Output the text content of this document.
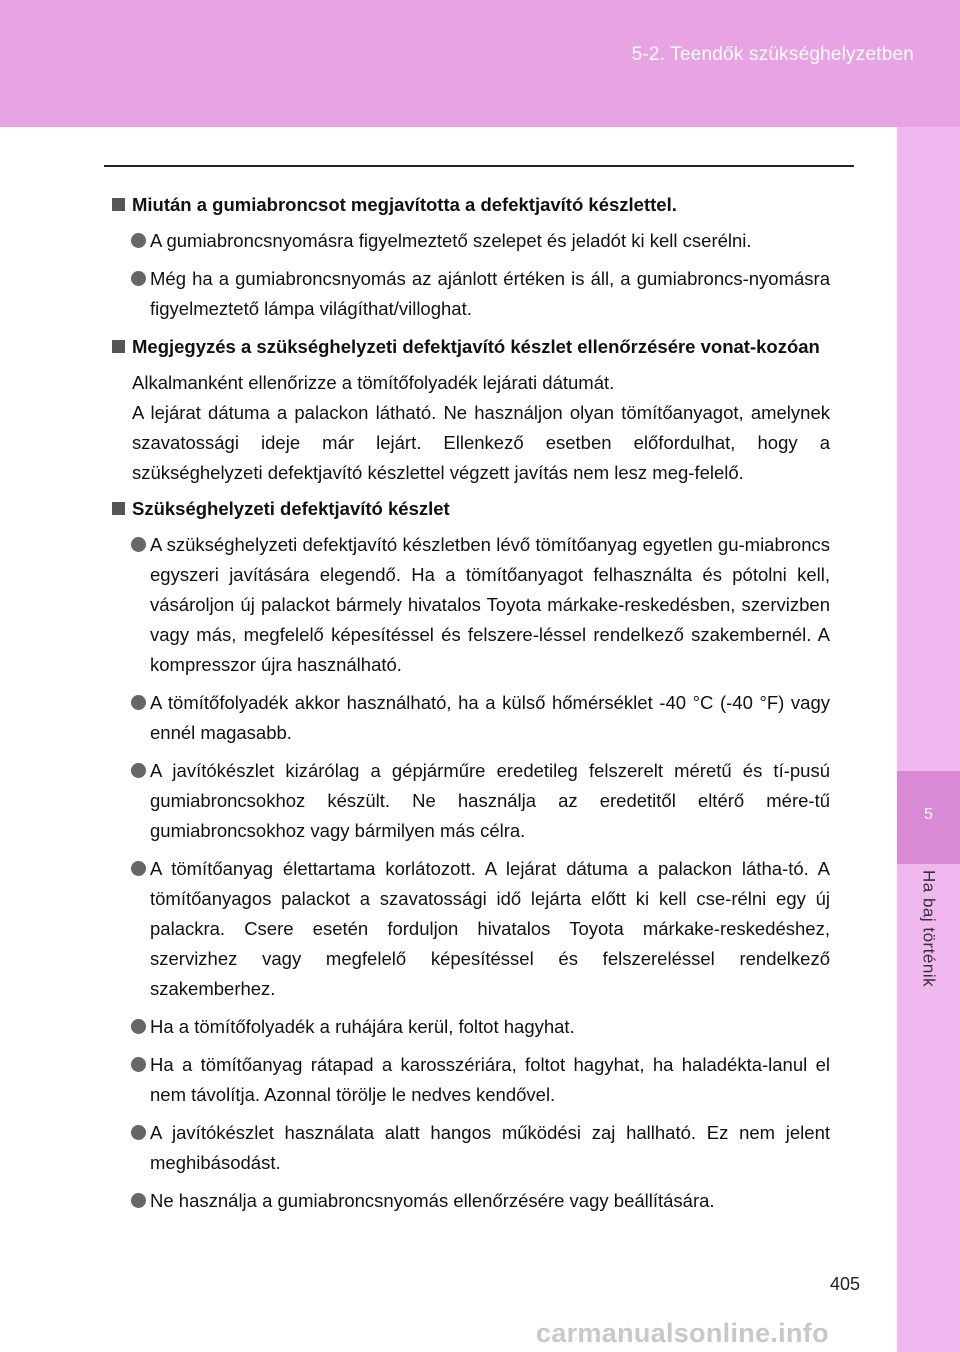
5-2. Teendők szükséghelyzetben
5
Ha baj történik
Miután a gumiabroncsot megjavította a defektjavító készlettel.
A gumiabroncsnyomásra figyelmeztető szelepet és jeladót ki kell cserélni.
Még ha a gumiabroncsnyomás az ajánlott értéken is áll, a gumiabroncs-nyomásra figyelmeztető lámpa világíthat/villoghat.
Megjegyzés a szükséghelyzeti defektjavító készlet ellenőrzésére vonat-kozóan
Alkalmanként ellenőrizze a tömítőfolyadék lejárati dátumát.
A lejárat dátuma a palackon látható. Ne használjon olyan tömítőanyagot, amelynek szavatossági ideje már lejárt. Ellenkező esetben előfordulhat, hogy a szükséghelyzeti defektjavító készlettel végzett javítás nem lesz meg-felelő.
Szükséghelyzeti defektjavító készlet
A szükséghelyzeti defektjavító készletben lévő tömítőanyag egyetlen gu-miabroncs egyszeri javítására elegendő. Ha a tömítőanyagot felhasználta és pótolni kell, vásároljon új palackot bármely hivatalos Toyota márkake-reskedésben, szervizben vagy más, megfelelő képesítéssel és felszere-léssel rendelkező szakembernél. A kompresszor újra használható.
A tömítőfolyadék akkor használható, ha a külső hőmérséklet -40 °C (-40 °F) vagy ennél magasabb.
A javítókészlet kizárólag a gépjárműre eredetileg felszerelt méretű és tí-pusú gumiabroncsokhoz készült. Ne használja az eredetitől eltérő mére-tű gumiabroncsokhoz vagy bármilyen más célra.
A tömítőanyag élettartama korlátozott. A lejárat dátuma a palackon látha-tó. A tömítőanyagos palackot a szavatossági idő lejárta előtt ki kell cse-rélni egy új palackra. Csere esetén forduljon hivatalos Toyota márkake-reskedéshez, szervizhez vagy megfelelő képesítéssel és felszereléssel rendelkező szakemberhez.
Ha a tömítőfolyadék a ruhájára kerül, foltot hagyhat.
Ha a tömítőanyag rátapad a karosszériára, foltot hagyhat, ha haladékta-lanul el nem távolítja. Azonnal törölje le nedves kendővel.
A javítókészlet használata alatt hangos működési zaj hallható. Ez nem jelent meghibásodást.
Ne használja a gumiabroncsnyomás ellenőrzésére vagy beállítására.
405
carmanualsonline.info
